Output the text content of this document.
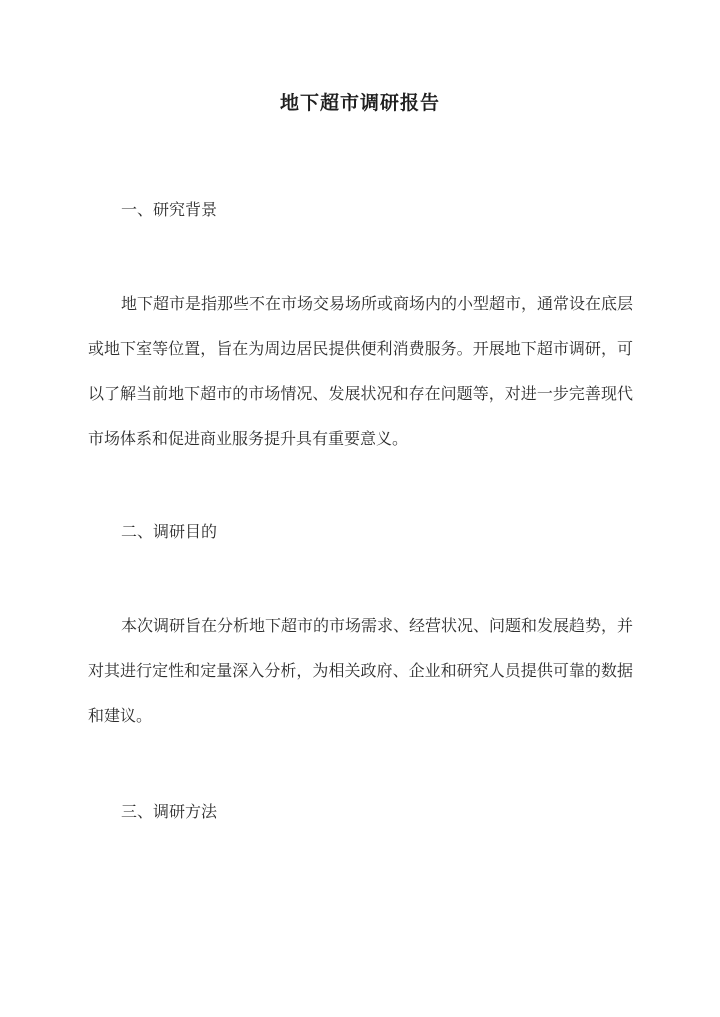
地下超市调研报告
一、研究背景
地下超市是指那些不在市场交易场所或商场内的小型超市，通常设在底层或地下室等位置，旨在为周边居民提供便利消费服务。开展地下超市调研，可以了解当前地下超市的市场情况、发展状况和存在问题等，对进一步完善现代市场体系和促进商业服务提升具有重要意义。
二、调研目的
本次调研旨在分析地下超市的市场需求、经营状况、问题和发展趋势，并对其进行定性和定量深入分析，为相关政府、企业和研究人员提供可靠的数据和建议。
三、调研方法
